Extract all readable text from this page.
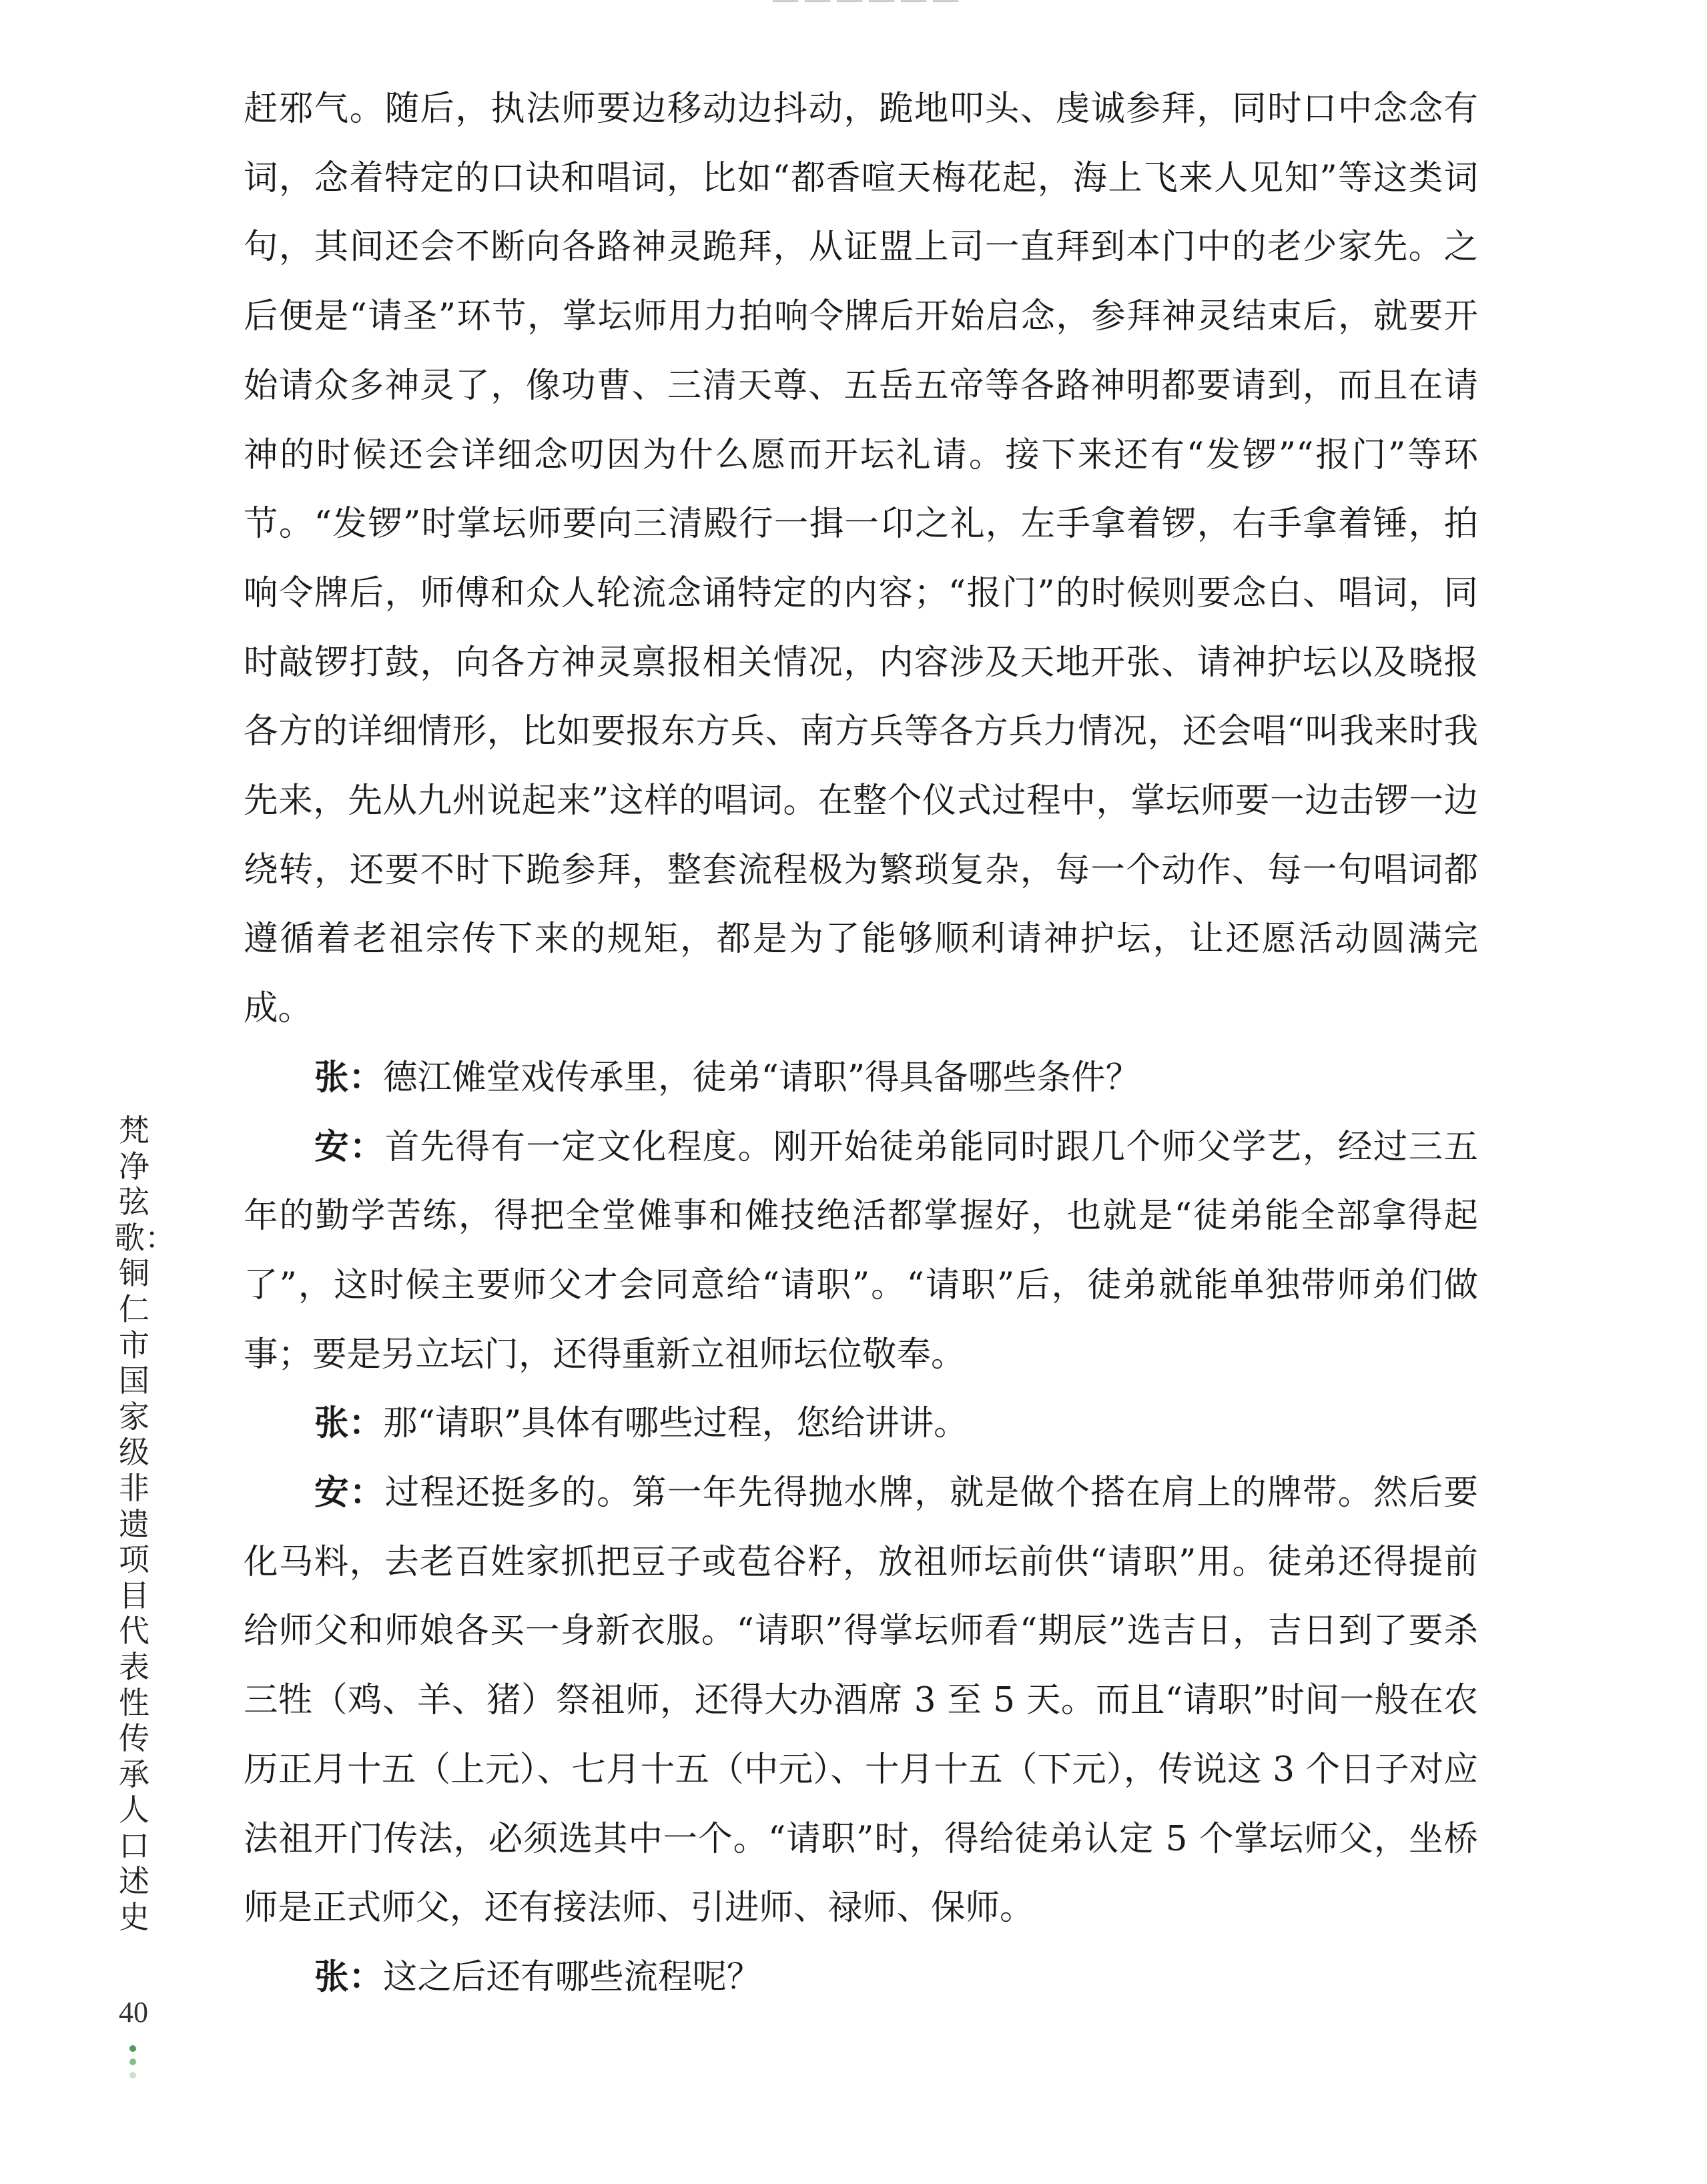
赶邪气。随后，执法师要边移动边抖动，跪地叩头、虔诚参拜，同时口中念念有词，念着特定的口诀和唱词，比如“都香喧天梅花起，海上飞来人见知”等这类词句，其间还会不断向各路神灵跪拜，从证盟上司一直拜到本门中的老少家先。之后便是“请圣”环节，掌坛师用力拍响令牌后开始启念，参拜神灵结束后，就要开始请众多神灵了，像功曹、三清天尊、五岳五帝等各路神明都要请到，而且在请神的时候还会详细念叨因为什么愿而开坛礼请。接下来还有“发锣”“报门”等环节。“发锣”时掌坛师要向三清殿行一揖一卬之礼，左手拿着锣，右手拿着锤，拍响令牌后，师傅和众人轮流念诵特定的内容；“报门”的时候则要念白、唱词，同时敲锣打鼓，向各方神灵禀报相关情况，内容涉及天地开张、请神护坛以及晓报各方的详细情形，比如要报东方兵、南方兵等各方兵力情况，还会唱“叫我来时我先来，先从九州说起来”这样的唱词。在整个仪式过程中，掌坛师要一边击锣一边绕转，还要不时下跪参拜，整套流程极为繁琐复杂，每一个动作、每一句唱词都遵循着老祖宗传下来的规矩，都是为了能够顺利请神护坛，让还愿活动圆满完成。

张：德江傩堂戏传承里，徒弟“请职”得具备哪些条件？

安：首先得有一定文化程度。刚开始徒弟能同时跟几个师父学艺，经过三五年的勤学苦练，得把全堂傩事和傩技绝活都掌握好，也就是“徒弟能全部拿得起了”，这时候主要师父才会同意给“请职”。“请职”后，徒弟就能单独带师弟们做事；要是另立坛门，还得重新立祖师坛位敬奉。

张：那“请职”具体有哪些过程，您给讲讲。

安：过程还挺多的。第一年先得抛水牌，就是做个搭在肩上的牌带。然后要化马料，去老百姓家抓把豆子或苞谷籽，放祖师坛前供“请职”用。徒弟还得提前给师父和师娘各买一身新衣服。“请职”得掌坛师看“期辰”选吉日，吉日到了要杀三牲（鸡、羊、猪）祭祖师，还得大办酒席 3 至 5 天。而且“请职”时间一般在农历正月十五（上元）、七月十五（中元）、十月十五（下元），传说这 3 个日子对应法祖开门传法，必须选其中一个。“请职”时，得给徒弟认定 5 个掌坛师父，坐桥师是正式师父，还有接法师、引进师、禄师、保师。

张：这之后还有哪些流程呢？

梵净弦歌：铜仁市国家级非遗项目代表性传承人口述史
40
